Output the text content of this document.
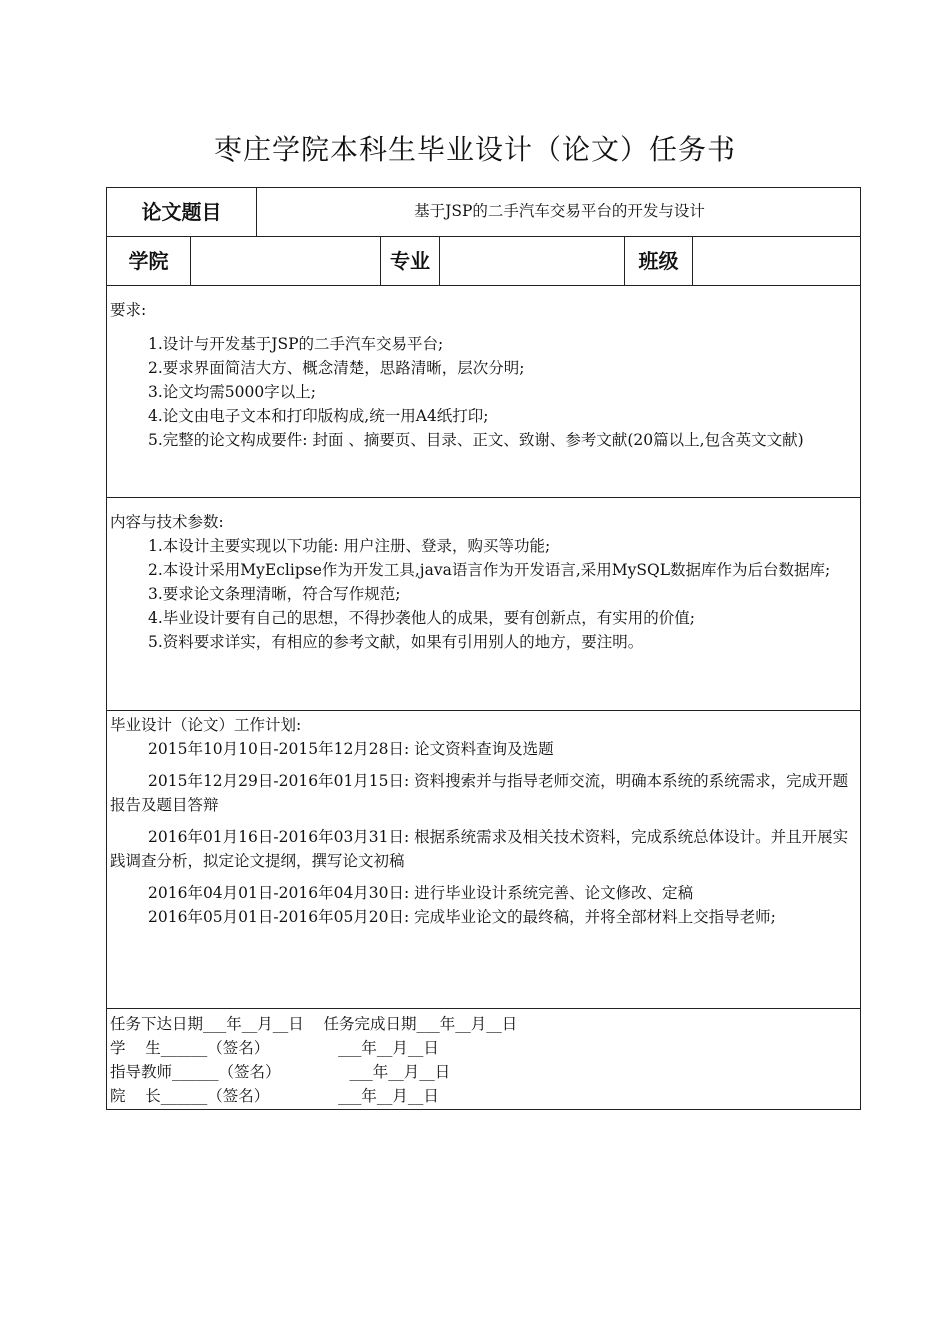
枣庄学院本科生毕业设计（论文）任务书
论文题目	基于JSP的二手汽车交易平台的开发与设计
学院	专业	班级

要求:

1.设计与开发基于JSP的二手汽车交易平台;

2.要求界面简洁大方、概念清楚，思路清晰，层次分明;

3.论文均需5000字以上;

4.论文由电子文本和打印版构成,统一用A4纸打印;

5.完整的论文构成要件: 封面 、摘要页、目录、正文、致谢、参考文献(20篇以上,包含英文文献)

内容与技术参数:

1.本设计主要实现以下功能: 用户注册、登录，购买等功能;

2.本设计采用MyEclipse作为开发工具,java语言作为开发语言,采用MySQL数据库作为后台数据库;

3.要求论文条理清晰，符合写作规范;

4.毕业设计要有自己的思想，不得抄袭他人的成果，要有创新点，有实用的价值;

5.资料要求详实，有相应的参考文献，如果有引用别人的地方，要注明。

毕业设计（论文）工作计划:

2015年10月10日-2015年12月28日: 论文资料查询及选题

2015年12月29日-2016年01月15日: 资料搜索并与指导老师交流，明确本系统的系统需求，完成开题报告及题目答辩

2016年01月16日-2016年03月31日: 根据系统需求及相关技术资料，完成系统总体设计。并且开展实践调查分析，拟定论文提纲，撰写论文初稿

2016年04月01日-2016年04月30日: 进行毕业设计系统完善、论文修改、定稿

2016年05月01日-2016年05月20日: 完成毕业论文的最终稿，并将全部材料上交指导老师;

任务下达日期___年__月__日    任务完成日期___年__月__日
学    生______（签名）              ___年__月__日
指导教师______（签名）              ___年__月__日
院    长______（签名）              ___年__月__日
